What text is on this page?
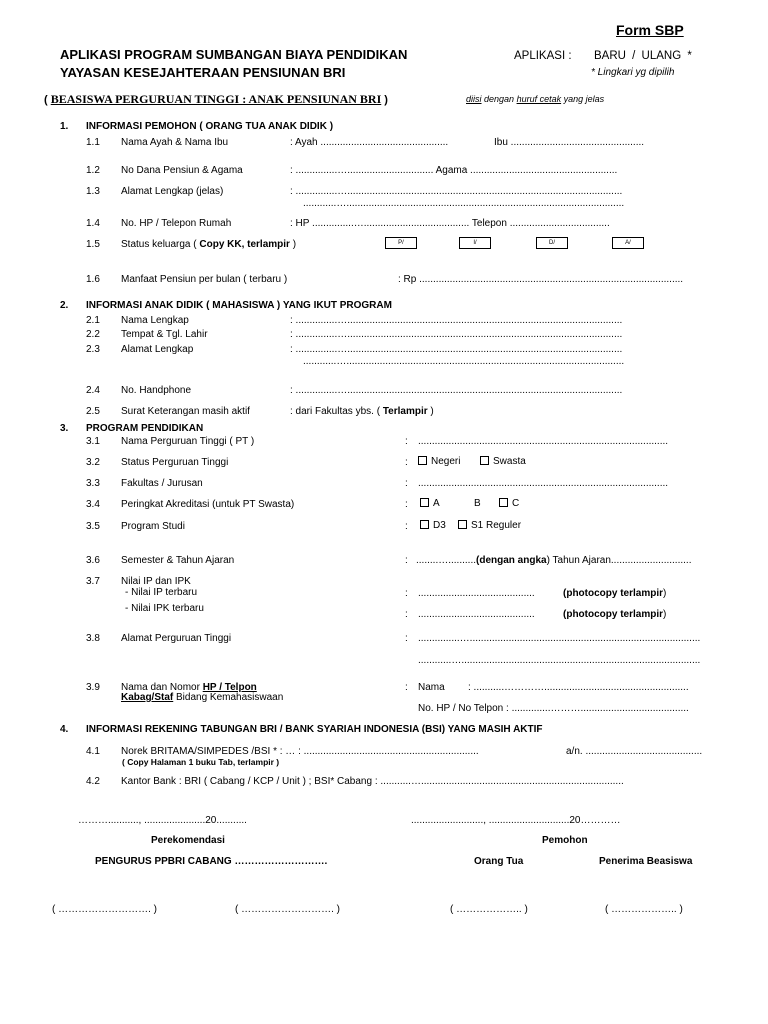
Form SBP
APLIKASI PROGRAM SUMBANGAN BIAYA PENDIDIKAN
YAYASAN KESEJAHTERAAN PENSIUNAN BRI
APLIKASI : BARU / ULANG *
* Lingkari yg dipilih
( BEASISWA PERGURUAN TINGGI : ANAK PENSIUNAN BRI )	diisi dengan huruf cetak yang jelas
1. INFORMASI PEMOHON ( ORANG TUA ANAK DIDIK )
1.1 Nama Ayah & Nama Ibu	: Ayah ..............................................	Ibu ................................................
1.2 No Dana Pensiun & Agama	: ...............…............................... Agama .....................................................
1.3 Alamat Lengkap (jelas)	: ...............…...................................................................................................
............…....................................................................................................
1.4 No. HP / Telepon Rumah	: HP ...............…...................................... Telepon ....................................
1.5 Status keluarga ( Copy KK, terlampir )	P/	I/	D/	A/
1.6 Manfaat Pensiun per bulan ( terbaru )	: Rp ...............................................................................................
2. INFORMASI ANAK DIDIK ( MAHASISWA ) YANG IKUT PROGRAM
2.1 Nama Lengkap	: ...............…...................................................................................................
2.2 Tempat & Tgl. Lahir	: ...............…...................................................................................................
2.3 Alamat Lengkap	: ...............…...................................................................................................
............…....................................................................................................
2.4 No. Handphone	: ...............…...................................................................................................
2.5 Surat Keterangan masih aktif	: dari Fakultas ybs. ( Terlampir )
3. PROGRAM PENDIDIKAN
3.1 Nama Perguruan Tinggi ( PT )	: ..........................................................................................
3.2 Status Perguruan Tinggi	:	Negeri	Swasta
3.3 Fakultas / Jurusan	: ..........................................................................................
3.4 Peringkat Akreditasi (untuk PT Swasta)	:	A	B	C
3.5 Program Studi	:	D3	S1 Reguler
3.6 Semester & Tahun Ajaran	: ........…..........(dengan angka) Tahun Ajaran.............................
3.7 Nilai IP dan IPK
- Nilai IP terbaru
- Nilai IPK terbaru
: ..........................................	(photocopy terlampir)
: ..........................................	(photocopy terlampir)
3.8 Alamat Perguruan Tinggi	: ...............…...................................................................................
............…......................................................................................
3.9 Nama dan Nomor HP / Telpon
Kabag/Staf Bidang Kemahasiswaan
: Nama : ...........…………....................................................
No. HP / No Telpon : ..............……….......................................
4. INFORMASI REKENING TABUNGAN BRI / BANK SYARIAH INDONESIA (BSI) YANG MASIH AKTIF
4.1 Norek BRITAMA/SIMPEDES /BSI * : … : ...............................................................	a/n. ..........................................
( Copy Halaman 1 buku Tab, terlampir )
4.2 Kantor Bank : BRI ( Cabang / KCP / Unit ) ; BSI* Cabang : ...........….........................................................................
………..........., ......................20...........	.........................., .............................20…………
Perekomendasi	Pemohon
PENGURUS PPBRI CABANG ……………………….	Orang Tua	Penerima Beasiswa
( ………………………. )	( ………………………. )	( ……………….. )	( ……………….. )
